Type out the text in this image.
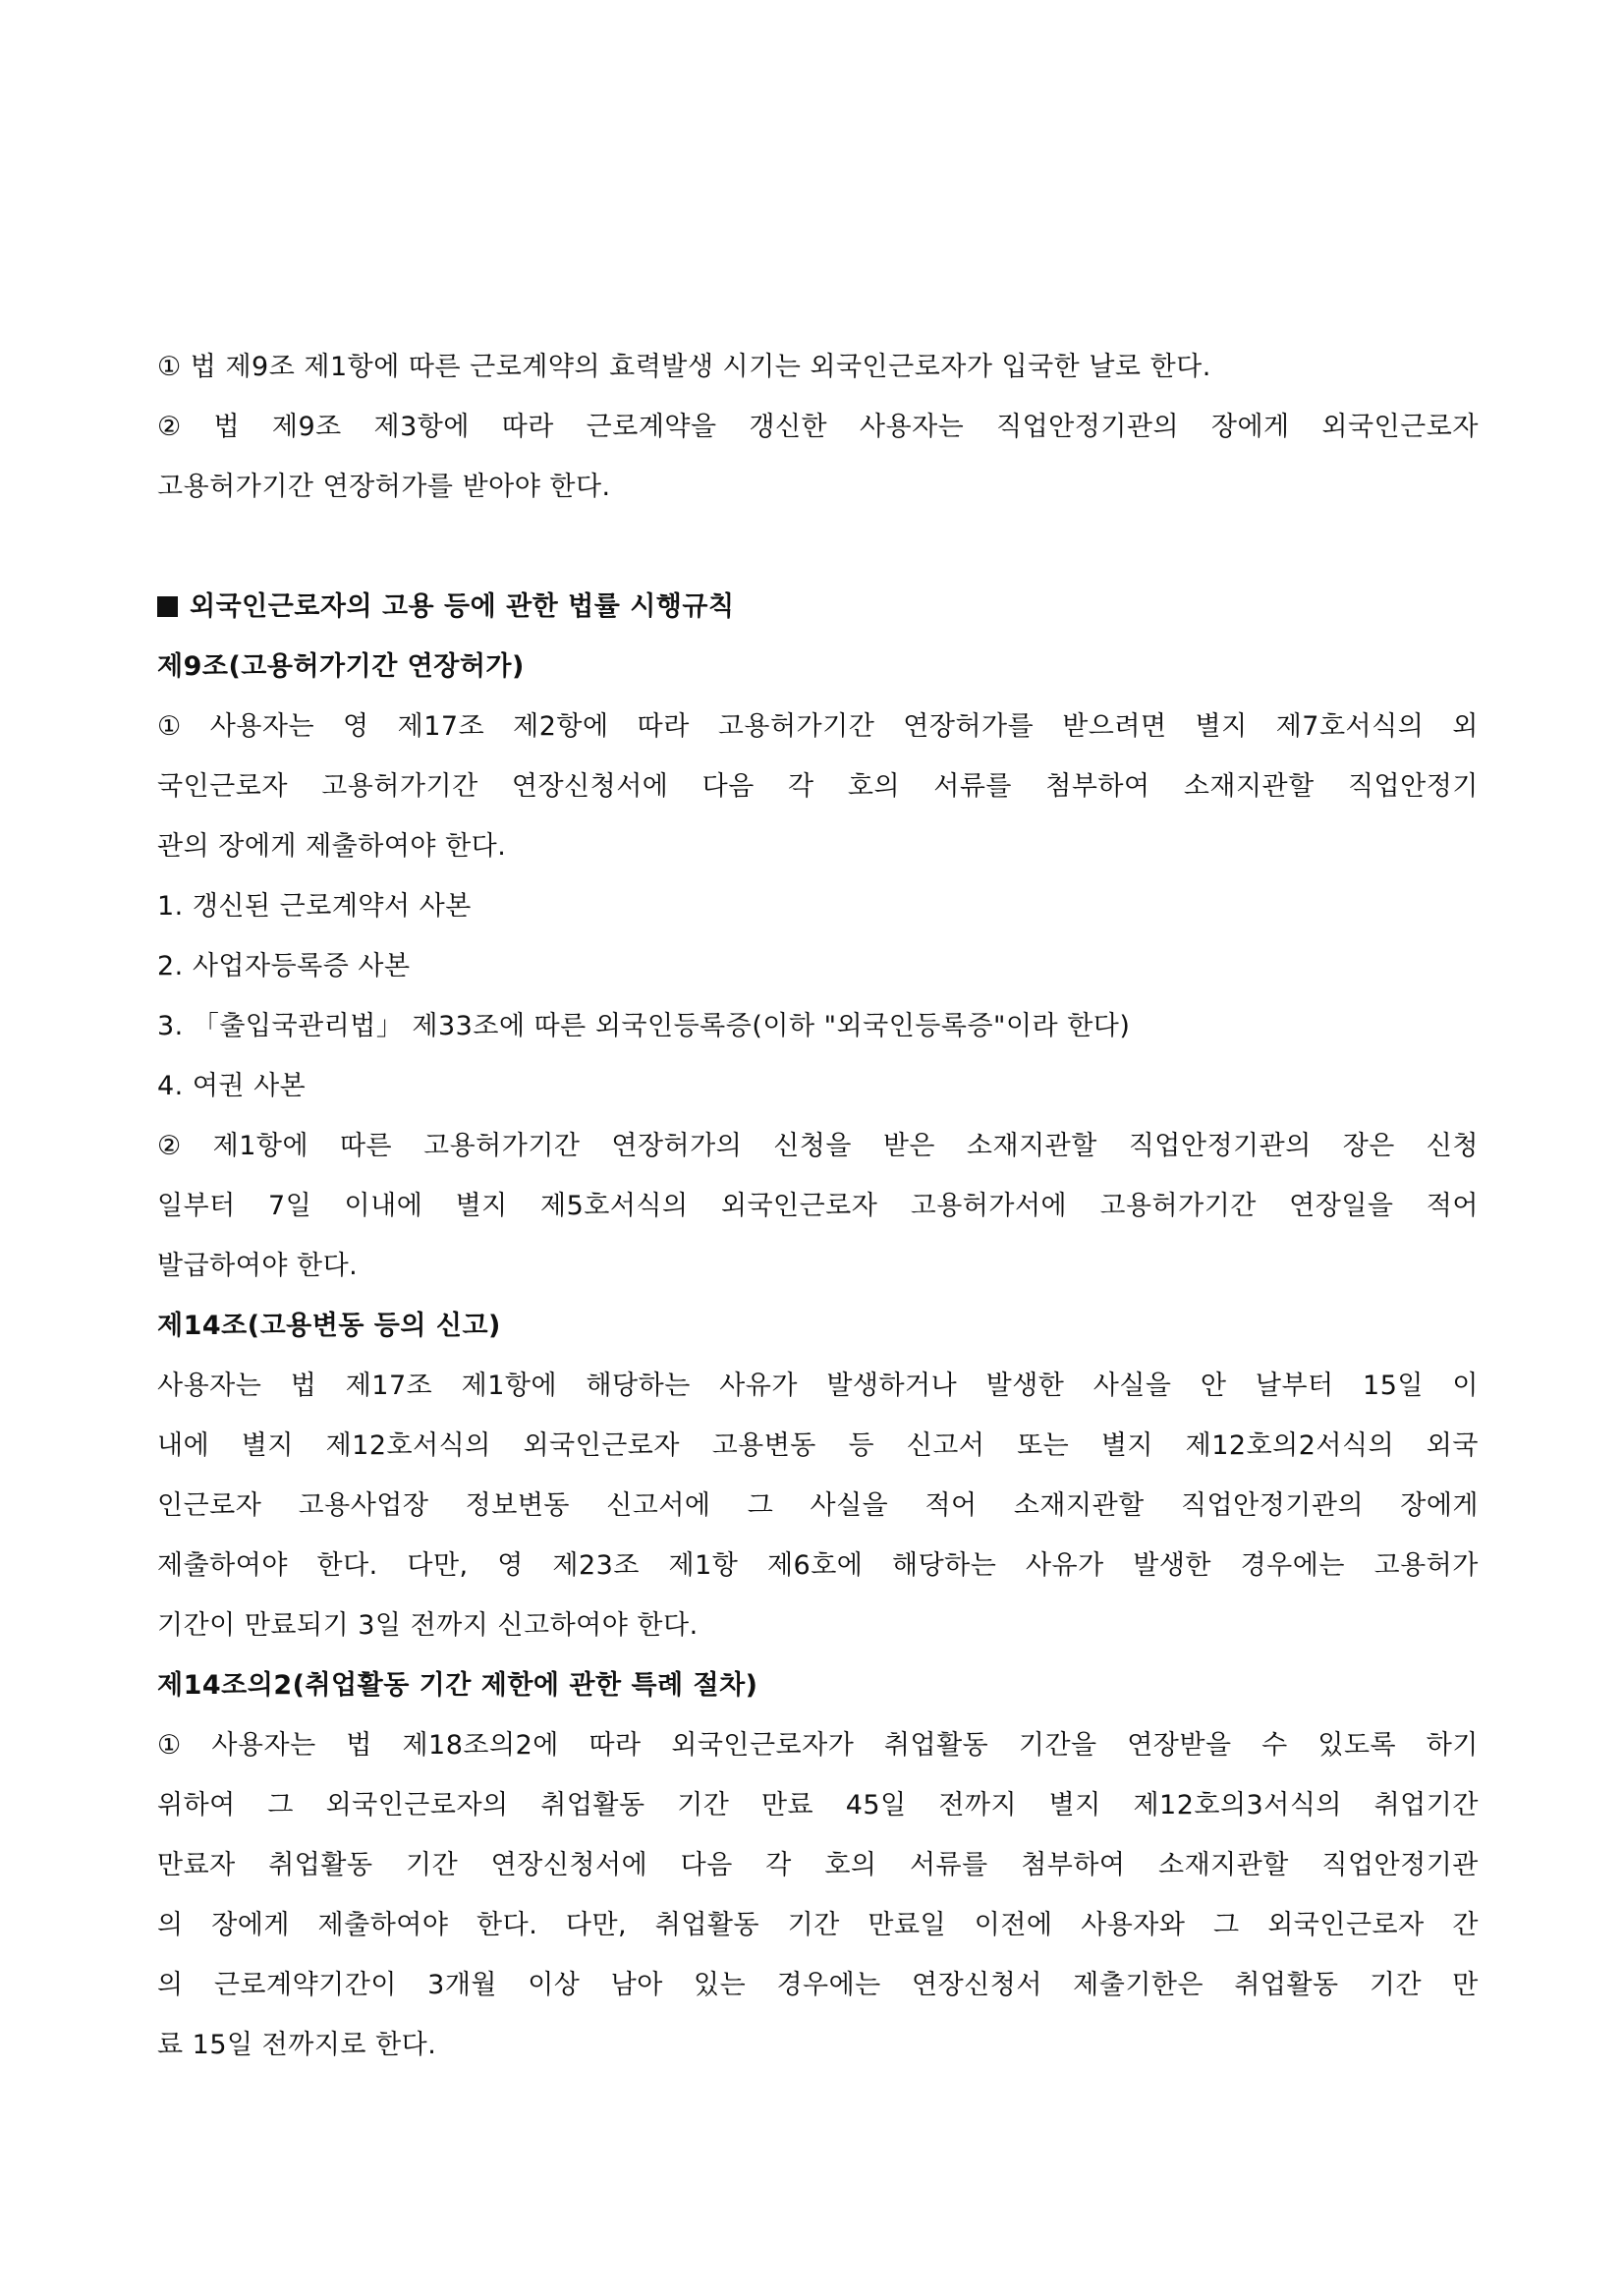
① 법 제9조 제1항에 따른 근로계약의 효력발생 시기는 외국인근로자가 입국한 날로 한다.
② 법 제9조 제3항에 따라 근로계약을 갱신한 사용자는 직업안정기관의 장에게 외국인근로자
고용허가기간 연장허가를 받아야 한다.
외국인근로자의 고용 등에 관한 법률 시행규칙
제9조(고용허가기간 연장허가)
① 사용자는 영 제17조 제2항에 따라 고용허가기간 연장허가를 받으려면 별지 제7호서식의 외
국인근로자 고용허가기간 연장신청서에 다음 각 호의 서류를 첨부하여 소재지관할 직업안정기
관의 장에게 제출하여야 한다.
1. 갱신된 근로계약서 사본
2. 사업자등록증 사본
3. 「출입국관리법」 제33조에 따른 외국인등록증(이하 "외국인등록증"이라 한다)
4. 여권 사본
② 제1항에 따른 고용허가기간 연장허가의 신청을 받은 소재지관할 직업안정기관의 장은 신청
일부터 7일 이내에 별지 제5호서식의 외국인근로자 고용허가서에 고용허가기간 연장일을 적어
발급하여야 한다.
제14조(고용변동 등의 신고)
사용자는 법 제17조 제1항에 해당하는 사유가 발생하거나 발생한 사실을 안 날부터 15일 이
내에 별지 제12호서식의 외국인근로자 고용변동 등 신고서 또는 별지 제12호의2서식의 외국
인근로자 고용사업장 정보변동 신고서에 그 사실을 적어 소재지관할 직업안정기관의 장에게
제출하여야 한다. 다만, 영 제23조 제1항 제6호에 해당하는 사유가 발생한 경우에는 고용허가
기간이 만료되기 3일 전까지 신고하여야 한다.
제14조의2(취업활동 기간 제한에 관한 특례 절차)
① 사용자는 법 제18조의2에 따라 외국인근로자가 취업활동 기간을 연장받을 수 있도록 하기
위하여 그 외국인근로자의 취업활동 기간 만료 45일 전까지 별지 제12호의3서식의 취업기간
만료자 취업활동 기간 연장신청서에 다음 각 호의 서류를 첨부하여 소재지관할 직업안정기관
의 장에게 제출하여야 한다. 다만, 취업활동 기간 만료일 이전에 사용자와 그 외국인근로자 간
의 근로계약기간이 3개월 이상 남아 있는 경우에는 연장신청서 제출기한은 취업활동 기간 만
료 15일 전까지로 한다.
